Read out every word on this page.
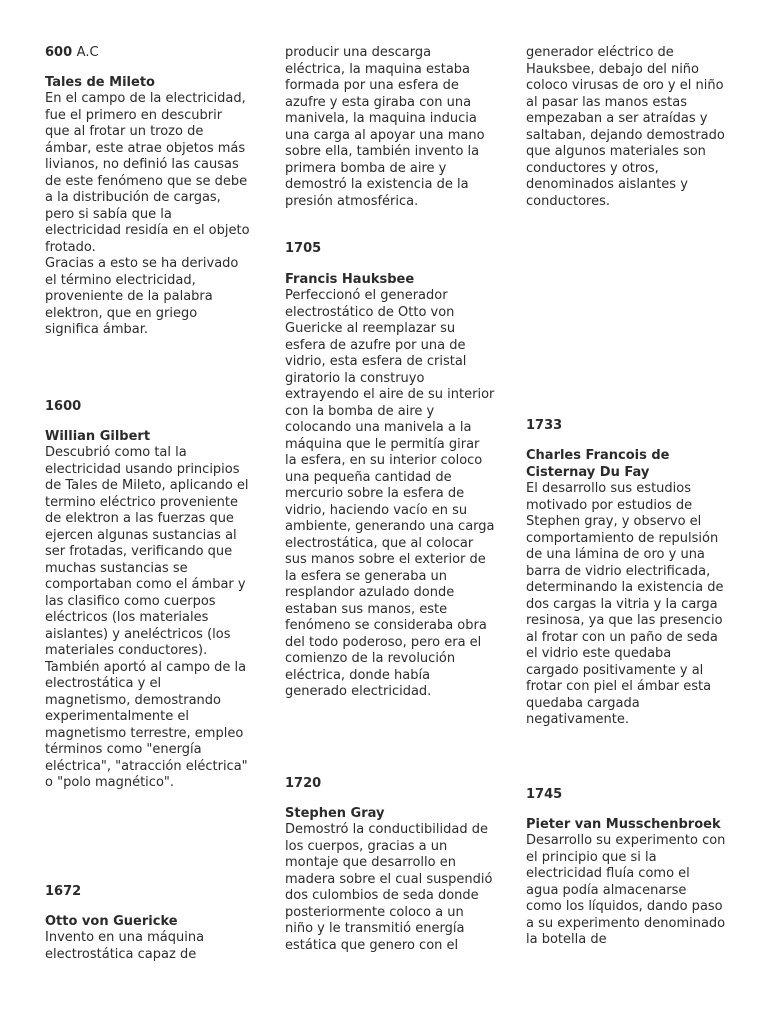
600 A.C
Tales de Mileto

En el campo de la electricidad, fue el primero en descubrir que al frotar un trozo de ámbar, este atrae objetos más livianos, no definió las causas de este fenómeno que se debe a la distribución de cargas, pero si sabía que la electricidad residía en el objeto frotado.

Gracias a esto se ha derivado el término electricidad, proveniente de la palabra elektron, que en griego significa ámbar.

1600
Willian Gilbert

Descubrió como tal la electricidad usando principios de Tales de Mileto, aplicando el termino eléctrico proveniente de elektron a las fuerzas que ejercen algunas sustancias al ser frotadas, verificando que muchas sustancias se comportaban como el ámbar y las clasifico como cuerpos eléctricos (los materiales aislantes) y aneléctricos (los materiales conductores).

También aportó al campo de la electrostática y el magnetismo, demostrando experimentalmente el magnetismo terrestre, empleo términos como "energía eléctrica", "atracción eléctrica" o "polo magnético".

1672
Otto von Guericke

Invento en una máquina electrostática capaz de

producir una descarga eléctrica, la maquina estaba formada por una esfera de azufre y esta giraba con una manivela, la maquina inducia una carga al apoyar una mano sobre ella, también invento la primera bomba de aire y demostró la existencia de la presión atmosférica.

1705
Francis Hauksbee

Perfeccionó el generador electrostático de Otto von Guericke al reemplazar su esfera de azufre por una de vidrio, esta esfera de cristal giratorio la construyo extrayendo el aire de su interior con la bomba de aire y colocando una manivela a la máquina que le permitía girar la esfera, en su interior coloco una pequeña cantidad de mercurio sobre la esfera de vidrio, haciendo vacío en su ambiente, generando una carga electrostática, que al colocar sus manos sobre el exterior de la esfera se generaba un resplandor azulado donde estaban sus manos, este fenómeno se consideraba obra del todo poderoso, pero era el comienzo de la revolución eléctrica, donde había generado electricidad.

1720
Stephen Gray

Demostró la conductibilidad de los cuerpos, gracias a un montaje que desarrollo en madera sobre el cual suspendió dos culombios de seda donde posteriormente coloco a un niño y le transmitió energía estática que genero con el

generador eléctrico de Hauksbee, debajo del niño coloco virusas de oro y el niño al pasar las manos estas empezaban a ser atraídas y saltaban, dejando demostrado que algunos materiales son conductores y otros, denominados aislantes y conductores.

1733
Charles Francois de Cisternay Du Fay

El desarrollo sus estudios motivado por estudios de Stephen gray, y observo el comportamiento de repulsión de una lámina de oro y una barra de vidrio electrificada, determinando la existencia de dos cargas la vitria y la carga resinosa, ya que las presencio al frotar con un paño de seda el vidrio este quedaba cargado positivamente y al frotar con piel el ámbar esta quedaba cargada negativamente.

1745
Pieter van Musschenbroek

Desarrollo su experimento con el principio que si la electricidad fluía como el agua podía almacenarse como los líquidos, dando paso a su experimento denominado la botella de
